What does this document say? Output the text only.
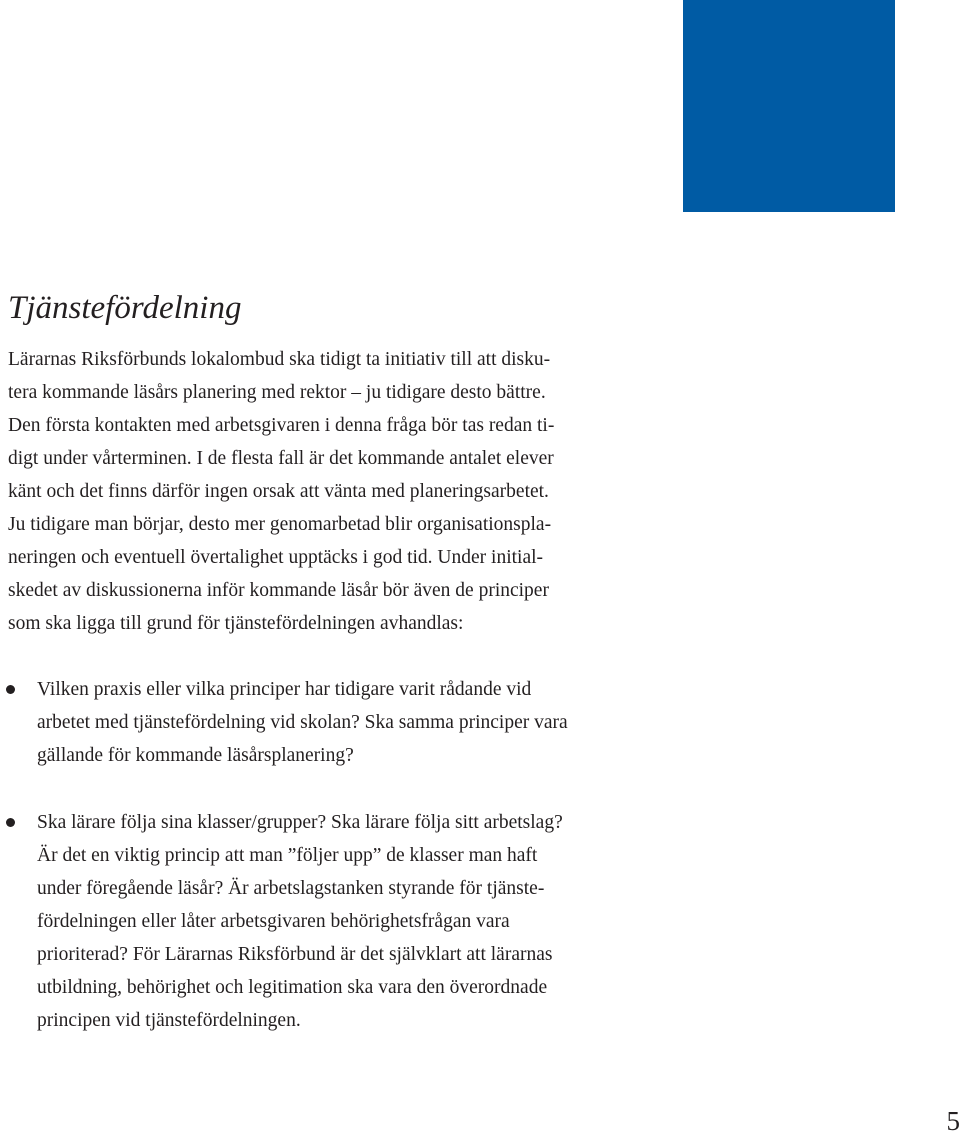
Tjänstefördelning

Lärarnas Riksförbunds lokalombud ska tidigt ta initiativ till att disku-

tera kommande läsårs planering med rektor – ju tidigare desto bättre.

Den första kontakten med arbetsgivaren i denna fråga bör tas redan ti-

digt under vårterminen. I de flesta fall är det kommande antalet elever

känt och det finns därför ingen orsak att vänta med planeringsarbetet.

Ju tidigare man börjar, desto mer genomarbetad blir organisationspla-

neringen och eventuell övertalighet upptäcks i god tid. Under initial-

skedet av diskussionerna inför kommande läsår bör även de principer

som ska ligga till grund för tjänstefördelningen avhandlas:

Vilken praxis eller vilka principer har tidigare varit rådande vid

arbetet med tjänstefördelning vid skolan? Ska samma principer vara

gällande för kommande läsårsplanering?

Ska lärare följa sina klasser/grupper? Ska lärare följa sitt arbetslag?

Är det en viktig princip att man ”följer upp” de klasser man haft

under föregående läsår? Är arbetslagstanken styrande för tjänste-

fördelningen eller låter arbetsgivaren behörighetsfrågan vara

prioriterad? För Lärarnas Riksförbund är det självklart att lärarnas

utbildning, behörighet och legitimation ska vara den överordnade

principen vid tjänstefördelningen.

5
